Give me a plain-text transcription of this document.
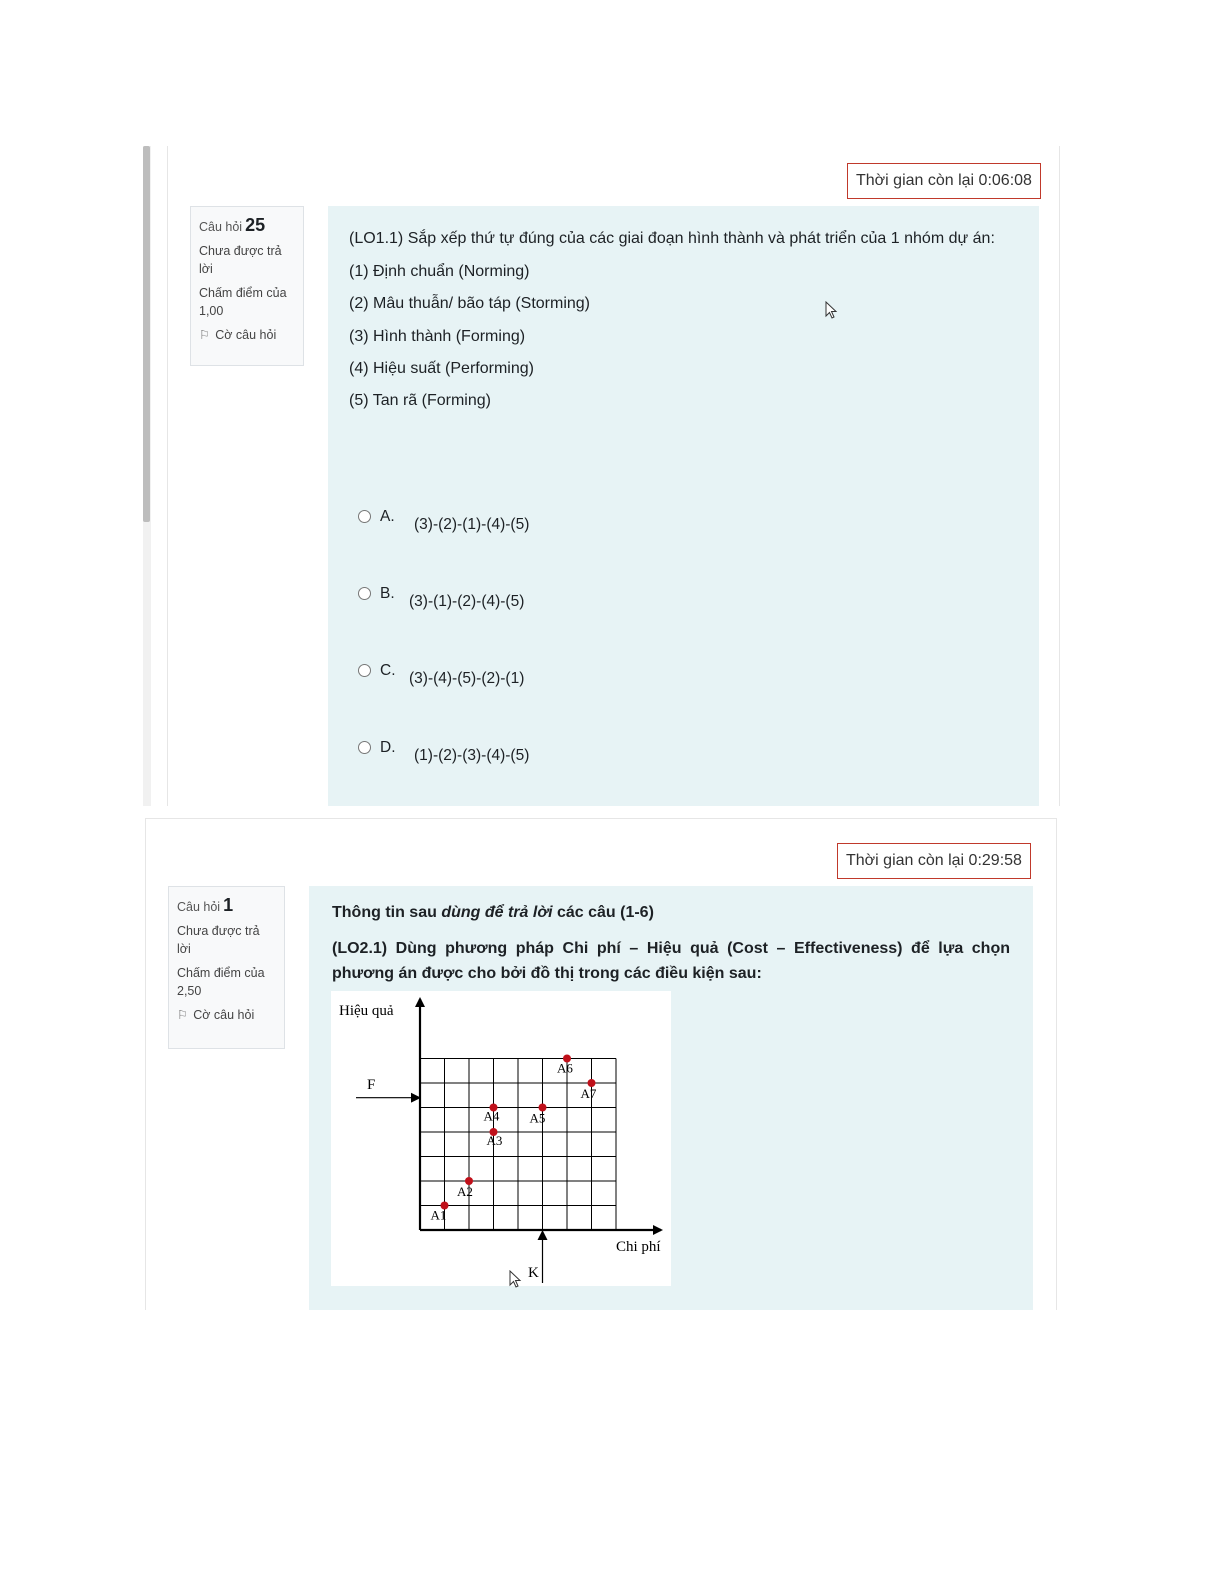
Thời gian còn lại 0:06:08
Câu hỏi 25
Chưa được trả lời
Chấm điểm của 1,00
⚐ Cờ câu hỏi
(LO1.1) Sắp xếp thứ tự đúng của các giai đoạn hình thành và phát triển của 1 nhóm dự án:
(1) Định chuẩn (Norming)
(2) Mâu thuẫn/ bão táp (Storming)
(3) Hình thành (Forming)
(4) Hiệu suất (Performing)
(5) Tan rã (Forming)
A. (3)-(2)-(1)-(4)-(5)
B. (3)-(1)-(2)-(4)-(5)
C. (3)-(4)-(5)-(2)-(1)
D. (1)-(2)-(3)-(4)-(5)
Thời gian còn lại 0:29:58
Câu hỏi 1
Chưa được trả lời
Chấm điểm của 2,50
⚐ Cờ câu hỏi
Thông tin sau dùng để trả lời các câu (1-6)
(LO2.1) Dùng phương pháp Chi phí – Hiệu quả (Cost – Effectiveness) để lựa chọn phương án được cho bởi đồ thị trong các điều kiện sau:
A1
A2
A3
A4 A5
A6
A7
Hiệu quả
Chi phí
F
K
